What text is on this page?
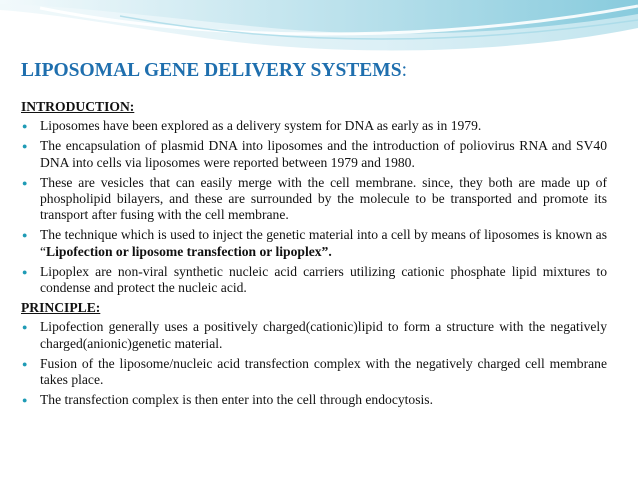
LIPOSOMAL GENE DELIVERY SYSTEMS:
INTRODUCTION:
● Liposomes have been explored as a delivery system for DNA as early as in 1979.
● The encapsulation of plasmid DNA into liposomes and the introduction of poliovirus RNA and SV40 DNA into cells via liposomes were reported between 1979 and 1980.
● These are vesicles that can easily merge with the cell membrane. since, they both are made up of phospholipid bilayers, and these are surrounded by the molecule to be transported and promote its transport after fusing with the cell membrane.
● The technique which is used to inject the genetic material into a cell by means of liposomes is known as “Lipofection or liposome transfection or lipoplex”.
● Lipoplex are non-viral synthetic nucleic acid carriers utilizing cationic phosphate lipid mixtures to condense and protect the nucleic acid.
PRINCIPLE:
● Lipofection generally uses a positively charged(cationic)lipid to form a structure with the negatively charged(anionic)genetic material.
● Fusion of the liposome/nucleic acid transfection complex with the negatively charged cell membrane takes place.
● The transfection complex is then enter into the cell through endocytosis.
